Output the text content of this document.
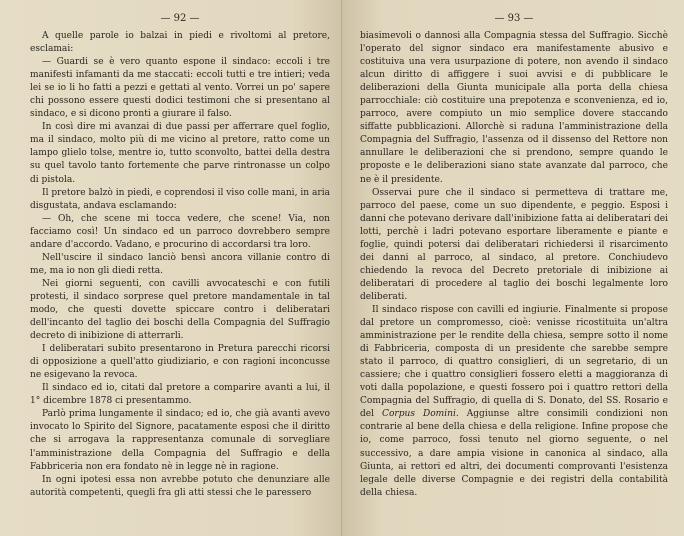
— 92 —

A quelle parole io balzai in piedi e rivoltomi al pretore, esclamai:

— Guardi se è vero quanto espone il sindaco: eccoli i tre manifesti infamanti da me staccati: eccoli tutti e tre intieri; veda lei se io li ho fatti a pezzi e gettati al vento. Vorrei un po' sapere chi possono essere questi dodici testimoni che si presentano al sindaco, e si dicono pronti a giurare il falso.

In così dire mi avanzai di due passi per afferrare quel foglio, ma il sindaco, molto più di me vicino al pretore, ratto come un lampo glielo tolse, mentre io, tutto sconvolto, battei della destra su quel tavolo tanto fortemente che parve rintronasse un colpo di pistola.

Il pretore balzò in piedi, e coprendosi il viso colle mani, in aria disgustata, andava esclamando:

— Oh, che scene mi tocca vedere, che scene! Via, non facciamo così! Un sindaco ed un parroco dovrebbero sempre andare d'accordo. Vadano, e procurino di accordarsi tra loro.

Nell'uscire il sindaco lanciò bensì ancora villanie contro di me, ma io non gli diedi retta.

Nei giorni seguenti, con cavilli avvocateschi e con futili protesti, il sindaco sorprese quel pretore mandamentale in tal modo, che questi dovette spiccare contro i deliberatari dell'incanto del taglio dei boschi della Compagnia del Suffragio decreto di inibizione di atterrarli.

I deliberatari subito presentarono in Pretura parecchi ricorsi di opposizione a quell'atto giudiziario, e con ragioni inconcusse ne esigevano la revoca.

Il sindaco ed io, citati dal pretore a comparire avanti a lui, il 1° dicembre 1878 ci presentammo.

Parlò prima lungamente il sindaco; ed io, che già avanti avevo invocato lo Spirito del Signore, pacatamente esposi che il diritto che si arrogava la rappresentanza comunale di sorvegliare l'amministrazione della Compagnia del Suffragio e della Fabbriceria non era fondato nè in legge nè in ragione.

In ogni ipotesi essa non avrebbe potuto che denunziare alle autorità competenti, quegli fra gli atti stessi che le paressero

— 93 —

biasimevoli o dannosi alla Compagnia stessa del Suffragio. Sicchè l'operato del signor sindaco era manifestamente abusivo e costituiva una vera usurpazione di potere, non avendo il sindaco alcun diritto di affiggere i suoi avvisi e di pubblicare le deliberazioni della Giunta municipale alla porta della chiesa parrocchiale: ciò costituire una prepotenza e sconvenienza, ed io, parroco, avere compiuto un mio semplice dovere staccando siffatte pubblicazioni. Allorchè si raduna l'amministrazione della Compagnia del Suffragio, l'assenza od il dissenso del Rettore non annullare le deliberazioni che si prendono, sempre quando le proposte e le deliberazioni siano state avanzate dal parroco, che ne è il presidente.

Osservai pure che il sindaco si permetteva di trattare me, parroco del paese, come un suo dipendente, e peggio. Esposi i danni che potevano derivare dall'inibizione fatta ai deliberatari dei lotti, perchè i ladri potevano esportare liberamente e piante e foglie, quindi potersi dai deliberatari richiedersi il risarcimento dei danni al parroco, al sindaco, al pretore. Conchiudevo chiedendo la revoca del Decreto pretoriale di inibizione ai deliberatari di procedere al taglio dei boschi legalmente loro deliberati.

Il sindaco rispose con cavilli ed ingiurie. Finalmente si propose dal pretore un compromesso, cioè: venisse ricostituita un'altra amministrazione per le rendite della chiesa, sempre sotto il nome di Fabbriceria, composta di un presidente che sarebbe sempre stato il parroco, di quattro consiglieri, di un segretario, di un cassiere; che i quattro consiglieri fossero eletti a maggioranza di voti dalla popolazione, e questi fossero poi i quattro rettori della Compagnia del Suffragio, di quella di S. Donato, del SS. Rosario e del Corpus Domini. Aggiunse altre consimili condizioni non contrarie al bene della chiesa e della religione. Infine propose che io, come parroco, fossi tenuto nel giorno seguente, o nel successivo, a dare ampia visione in canonica al sindaco, alla Giunta, ai rettori ed altri, dei documenti comprovanti l'esistenza legale delle diverse Compagnie e dei registri della contabilità della chiesa.
